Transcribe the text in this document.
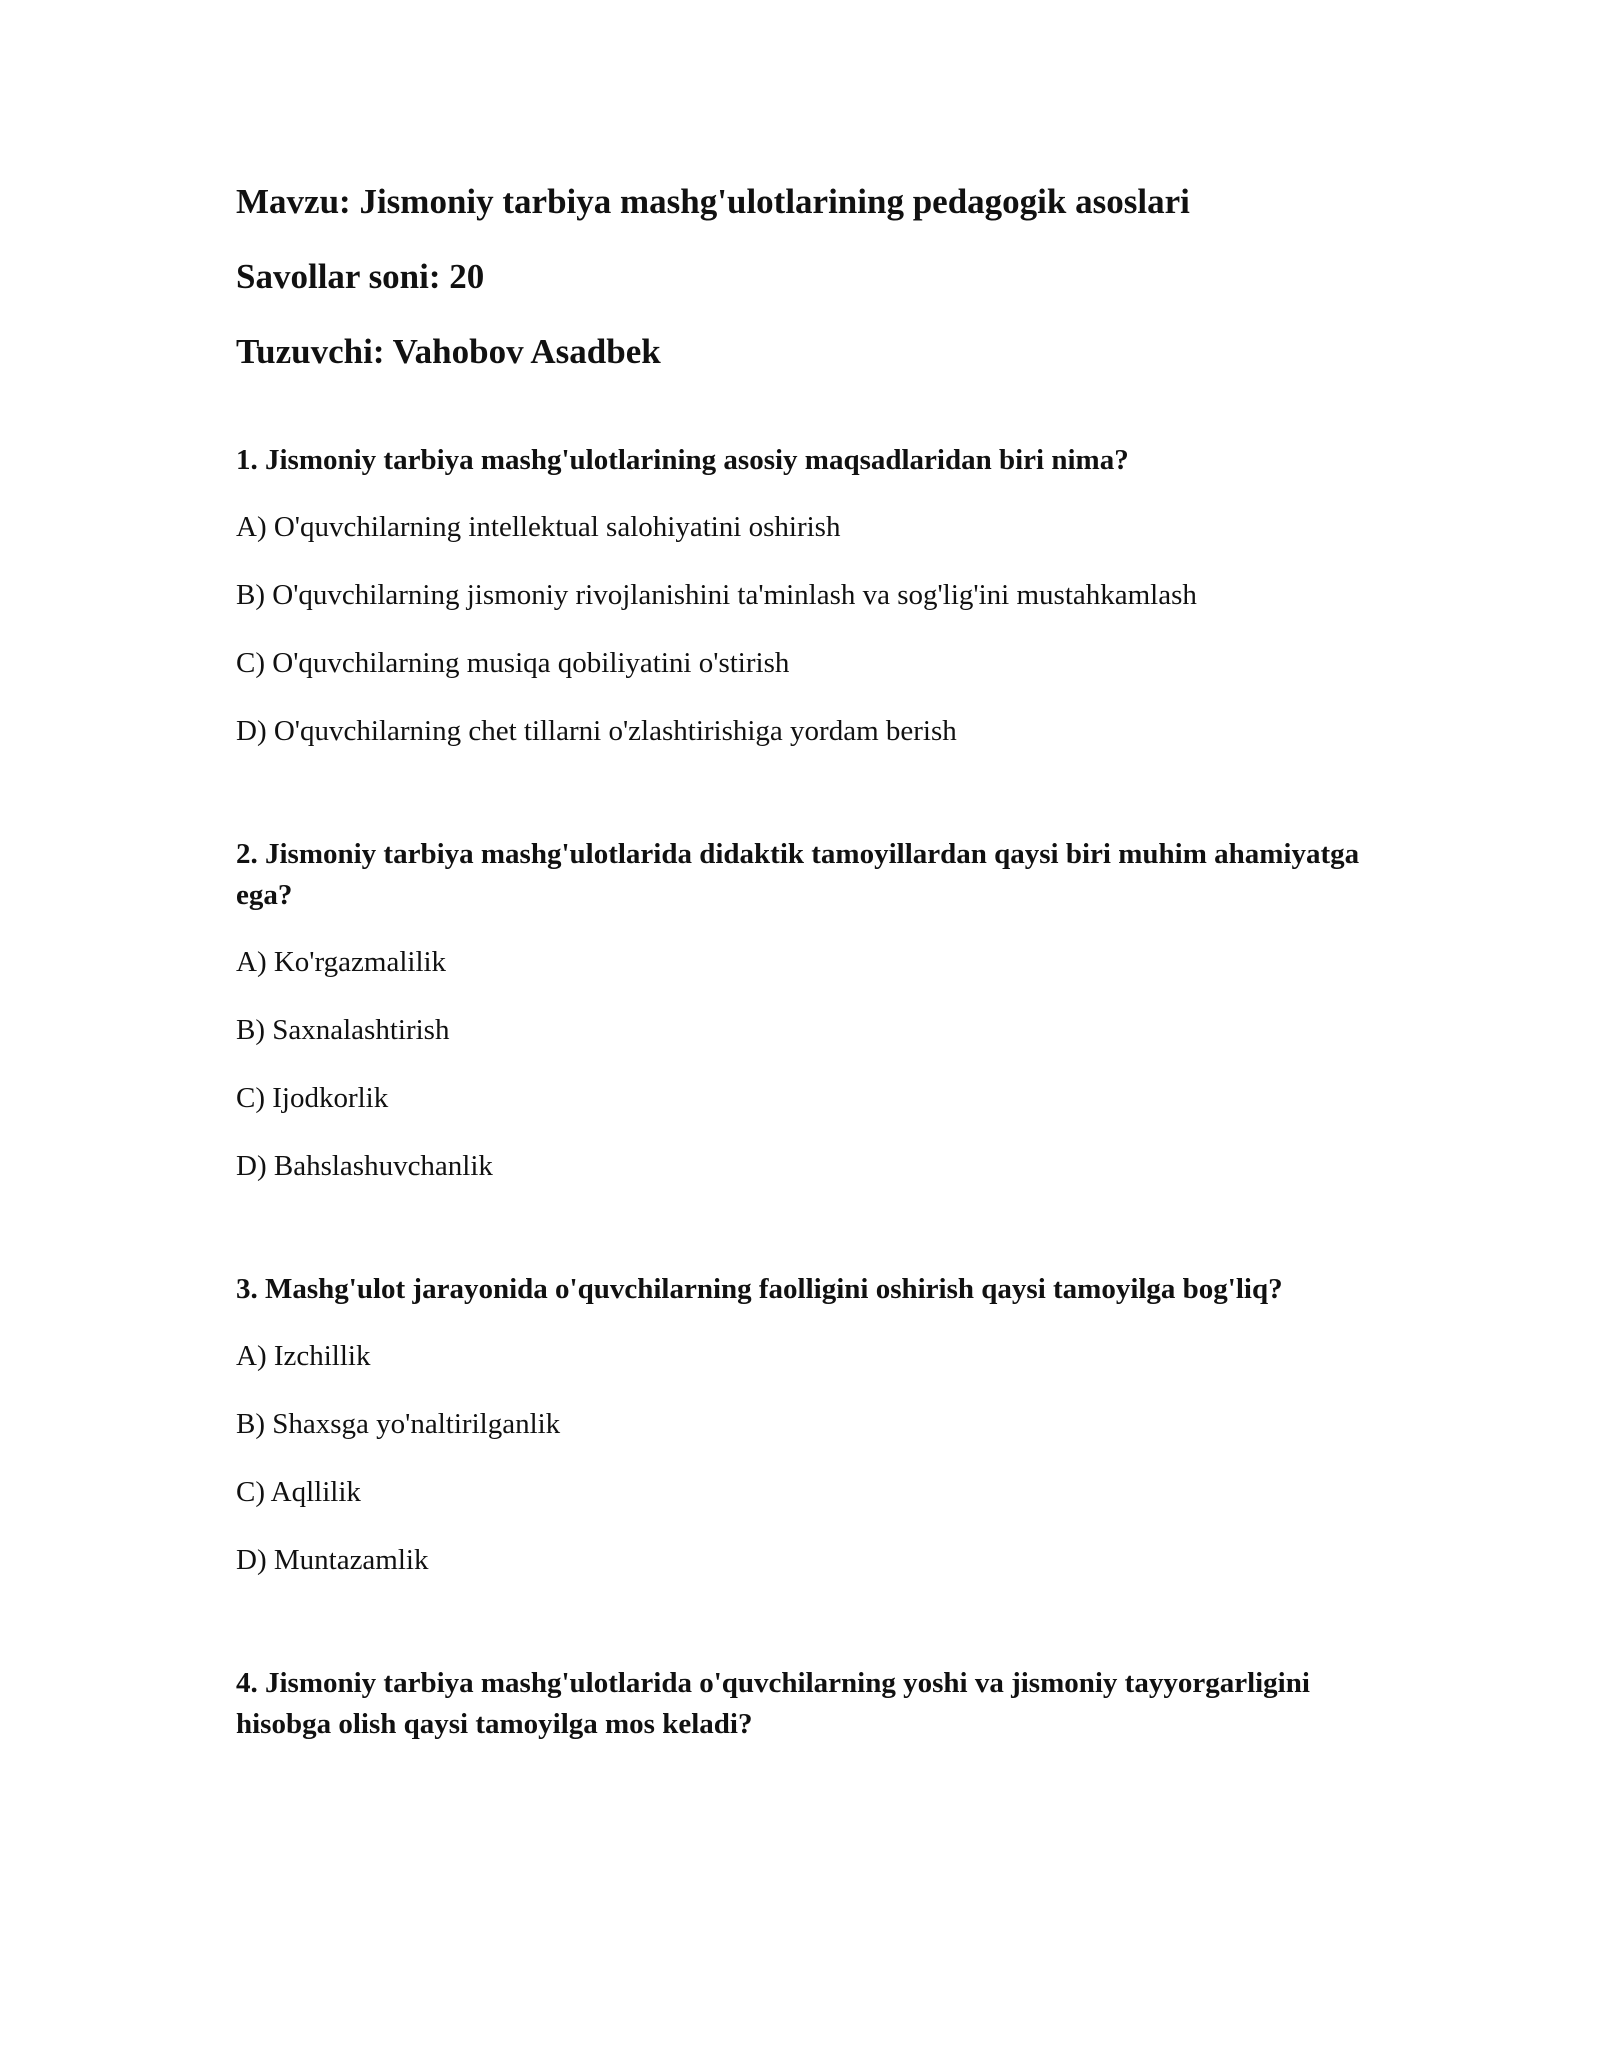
Mavzu: Jismoniy tarbiya mashg'ulotlarining pedagogik asoslari
Savollar soni: 20
Tuzuvchi: Vahobov Asadbek
1. Jismoniy tarbiya mashg'ulotlarining asosiy maqsadlaridan biri nima?
A) O'quvchilarning intellektual salohiyatini oshirish
B) O'quvchilarning jismoniy rivojlanishini ta'minlash va sog'lig'ini mustahkamlash
C) O'quvchilarning musiqa qobiliyatini o'stirish
D) O'quvchilarning chet tillarni o'zlashtirishiga yordam berish
2. Jismoniy tarbiya mashg'ulotlarida didaktik tamoyillardan qaysi biri muhim ahamiyatga ega?
A) Ko'rgazmalilik
B) Saxnalashtirish
C) Ijodkorlik
D) Bahslashuvchanlik
3. Mashg'ulot jarayonida o'quvchilarning faolligini oshirish qaysi tamoyilga bog'liq?
A) Izchillik
B) Shaxsga yo'naltirilganlik
C) Aqllilik
D) Muntazamlik
4. Jismoniy tarbiya mashg'ulotlarida o'quvchilarning yoshi va jismoniy tayyorgarligini hisobga olish qaysi tamoyilga mos keladi?
